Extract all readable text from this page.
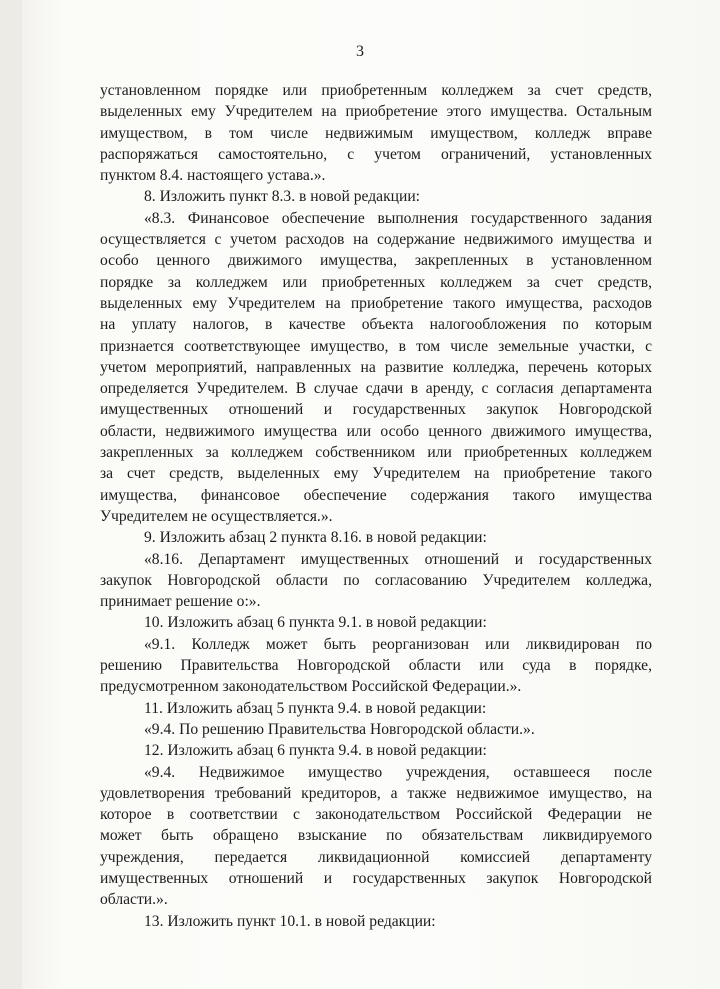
3

установленном порядке или приобретенным колледжем за счет средств,

выделенных ему Учредителем на приобретение этого имущества. Остальным

имуществом, в том числе недвижимым имуществом, колледж вправе

распоряжаться самостоятельно, с учетом ограничений, установленных

пунктом 8.4. настоящего устава.».

8. Изложить пункт 8.3. в новой редакции:

«8.3. Финансовое обеспечение выполнения государственного задания

осуществляется с учетом расходов на содержание недвижимого имущества и

особо ценного движимого имущества, закрепленных в установленном

порядке за колледжем или приобретенных колледжем за счет средств,

выделенных ему Учредителем на приобретение такого имущества, расходов

на уплату налогов, в качестве объекта налогообложения по которым

признается соответствующее имущество, в том числе земельные участки, с

учетом мероприятий, направленных на развитие колледжа, перечень которых

определяется Учредителем. В случае сдачи в аренду, с согласия департамента

имущественных отношений и государственных закупок Новгородской

области, недвижимого имущества или особо ценного движимого имущества,

закрепленных за колледжем собственником или приобретенных колледжем

за счет средств, выделенных ему Учредителем на приобретение такого

имущества, финансовое обеспечение содержания такого имущества

Учредителем не осуществляется.».

9. Изложить абзац 2 пункта 8.16. в новой редакции:

«8.16. Департамент имущественных отношений и государственных

закупок Новгородской области по согласованию Учредителем колледжа,

принимает решение о:».

10. Изложить абзац 6 пункта 9.1. в новой редакции:

«9.1. Колледж может быть реорганизован или ликвидирован по

решению Правительства Новгородской области или суда в порядке,

предусмотренном законодательством Российской Федерации.».

11. Изложить абзац 5 пункта 9.4. в новой редакции:

«9.4. По решению Правительства Новгородской области.».

12. Изложить абзац 6 пункта 9.4. в новой редакции:

«9.4. Недвижимое имущество учреждения, оставшееся после

удовлетворения требований кредиторов, а также недвижимое имущество, на

которое в соответствии с законодательством Российской Федерации не

может быть обращено взыскание по обязательствам ликвидируемого

учреждения, передается ликвидационной комиссией департаменту

имущественных отношений и государственных закупок Новгородской

области.».

13. Изложить пункт 10.1. в новой редакции:
